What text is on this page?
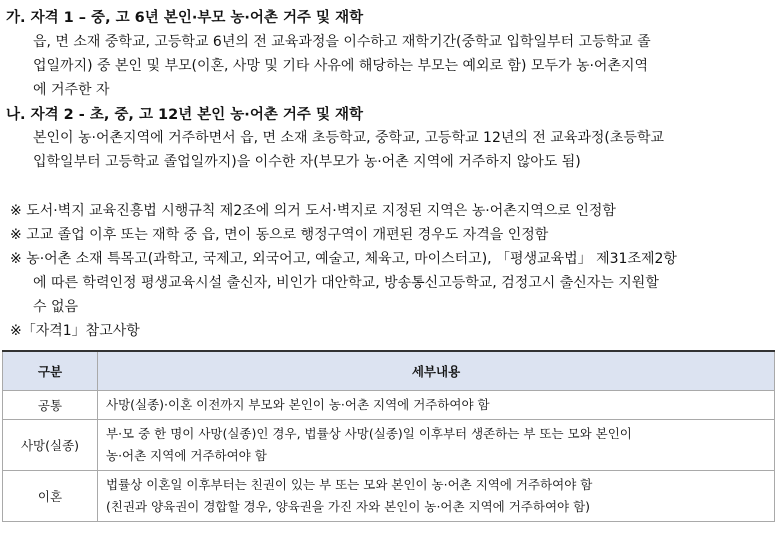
가. 자격 1 – 중, 고 6년 본인·부모 농·어촌 거주 및 재학
읍, 면 소재 중학교, 고등학교 6년의 전 교육과정을 이수하고 재학기간(중학교 입학일부터 고등학교 졸
업일까지) 중 본인 및 부모(이혼, 사망 및 기타 사유에 해당하는 부모는 예외로 함) 모두가 농·어촌지역
에 거주한 자
나. 자격 2 - 초, 중, 고 12년 본인 농·어촌 거주 및 재학
본인이 농·어촌지역에 거주하면서 읍, 면 소재 초등학교, 중학교, 고등학교 12년의 전 교육과정(초등학교
입학일부터 고등학교 졸업일까지)을 이수한 자(부모가 농·어촌 지역에 거주하지 않아도 됨)
※ 도서·벽지 교육진흥법 시행규칙 제2조에 의거 도서·벽지로 지정된 지역은 농·어촌지역으로 인정함
※ 고교 졸업 이후 또는 재학 중 읍, 면이 동으로 행정구역이 개편된 경우도 자격을 인정함
※ 농·어촌 소재 특목고(과학고, 국제고, 외국어고, 예술고, 체육고, 마이스터고), 「평생교육법」 제31조제2항
에 따른 학력인정 평생교육시설 출신자, 비인가 대안학교, 방송통신고등학교, 검정고시 출신자는 지원할
수 없음
※「자격1」참고사항
구분	세부내용
공통	사망(실종)·이혼 이전까지 부모와 본인이 농·어촌 지역에 거주하여야 함

사망(실종)	부·모 중 한 명이 사망(실종)인 경우, 법률상 사망(실종)일 이후부터 생존하는 부 또는 모와 본인이
농·어촌 지역에 거주하여야 함

이혼	법률상 이혼일 이후부터는 친권이 있는 부 또는 모와 본인이 농·어촌 지역에 거주하여야 함
(친권과 양육권이 경합할 경우, 양육권을 가진 자와 본인이 농·어촌 지역에 거주하여야 함)
